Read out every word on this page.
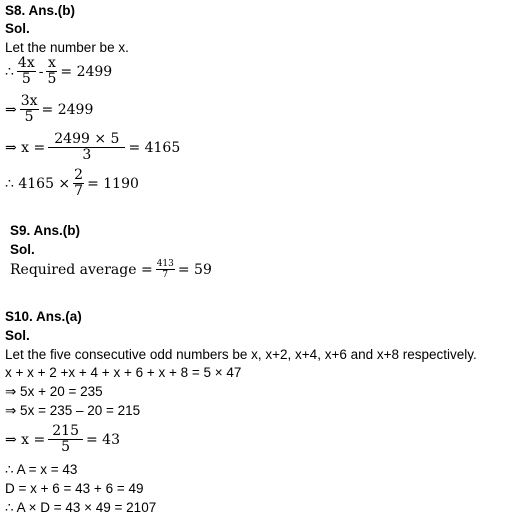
S8. Ans.(b)
Sol.
Let the number be x.
∴ $\frac{4x}{5} - \frac{x}{5} = 2499$
⇒ $\frac{3x}{5} = 2499$
⇒ $x = \frac{2499 \times 5}{3} = 4165$
∴ $4165 \times \frac{2}{7} = 1190$
S9. Ans.(b)
Sol.
Required average = $\frac{413}{7} = 59$
S10. Ans.(a)
Sol.
Let the five consecutive odd numbers be x, x+2, x+4, x+6 and x+8 respectively.
x + x + 2 +x + 4 + x + 6 + x + 8 = 5 × 47
⇒ 5x + 20 = 235
⇒ 5x = 235 – 20 = 215
⇒ $x = \frac{215}{5} = 43$
∴ A = x = 43
D = x + 6 = 43 + 6 = 49
∴ A × D = 43 × 49 = 2107
